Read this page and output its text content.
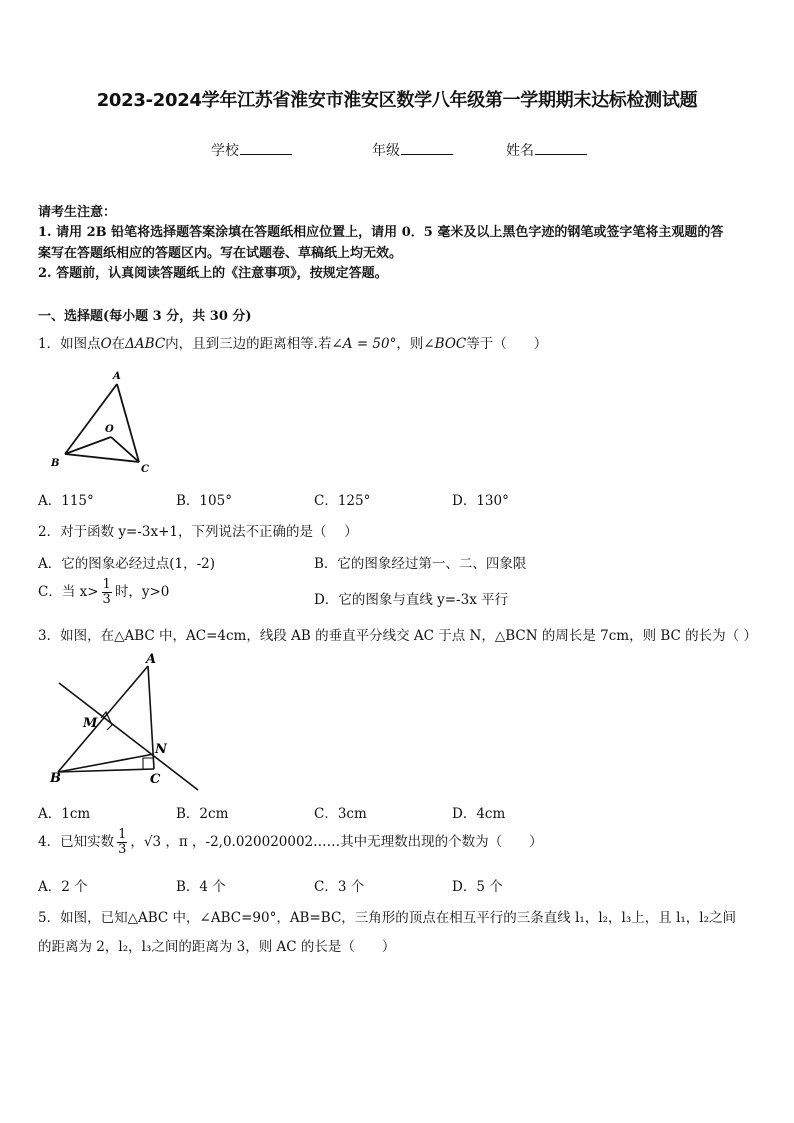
2023-2024学年江苏省淮安市淮安区数学八年级第一学期期末达标检测试题
学校	年级	姓名
请考生注意：
1. 请用 2B 铅笔将选择题答案涂填在答题纸相应位置上，请用 0．5 毫米及以上黑色字迹的钢笔或签字笔将主观题的答
案写在答题纸相应的答题区内。写在试题卷、草稿纸上均无效。
2. 答题前，认真阅读答题纸上的《注意事项》，按规定答题。
一、选择题(每小题 3 分，共 30 分)
1．如图点O在ΔABC内，且到三边的距离相等.若∠A = 50°，则∠BOC等于（　　）
A
B
C
O
A．115°	B．105°	C．125°	D．130°
2．对于函数 y=-3x+1，下列说法不正确的是（　 ）
A．它的图象必经过点(1，-2)	B．它的图象经过第一、二、四象限
C．当 $x> \frac{1}{3}$ 时，y>0	D．它的图象与直线 y=-3x 平行
3．如图，在△ABC 中，AC=4cm，线段 AB 的垂直平分线交 AC 于点 N，△BCN 的周长是 7cm，则 BC 的长为（ ）
A
B	C
M
N
A．1cm	B．2cm	C．3cm	D．4cm
4．已知实数 $\frac{1}{3}$ ，√3 ，π ，-2,0.020020002……其中无理数出现的个数为（　　）
A．2 个	B．4 个	C．3 个	D．5 个
5．如图，已知△ABC 中，∠ABC=90°，AB=BC，三角形的顶点在相互平行的三条直线 l₁，l₂，l₃上，且 l₁，l₂之间
的距离为 2，l₂，l₃之间的距离为 3，则 AC 的长是（　　）
